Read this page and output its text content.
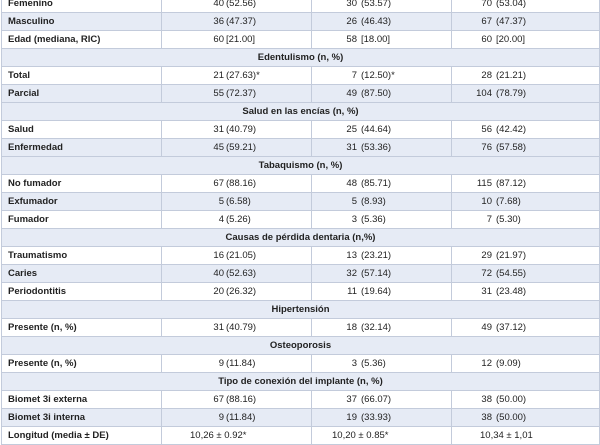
Femenino	40 (52.56)	30 (53.57)	70 (53.04)

Masculino	36 (47.37)	26 (46.43)	67 (47.37)

Edad (mediana, RIC)	60 [21.00]	58 [18.00]	60 [20.00]

Edentulismo (n, %)			
Total	21 (27.63)*	7 (12.50)*	28 (21.21)

Parcial	55 (72.37)	49 (87.50)	104 (78.79)

Salud en las encías (n, %)			
Salud	31 (40.79)	25 (44.64)	56 (42.42)

Enfermedad	45 (59.21)	31 (53.36)	76 (57.58)

Tabaquismo (n, %)			
No fumador	67 (88.16)	48 (85.71)	115 (87.12)

Exfumador	5 (6.58)	5 (8.93)	10 (7.68)

Fumador	4 (5.26)	3 (5.36)	7 (5.30)

Causas de pérdida dentaria (n,%)			
Traumatismo	16 (21.05)	13 (23.21)	29 (21.97)

Caries	40 (52.63)	32 (57.14)	72 (54.55)

Periodontitis	20 (26.32)	11 (19.64)	31 (23.48)

Hipertensión			
Presente (n, %)	31 (40.79)	18 (32.14)	49 (37.12)

Osteoporosis			
Presente (n, %)	9 (11.84)	3 (5.36)	12 (9.09)

Tipo de conexión del implante (n, %)			
Biomet 3i externa	67 (88.16)	37 (66.07)	38 (50.00)

Biomet 3i interna	9 (11.84)	19 (33.93)	38 (50.00)

Longitud (media ± DE)	10,26 ± 0.92*	10,20 ± 0.85*	10,34 ± 1,01
